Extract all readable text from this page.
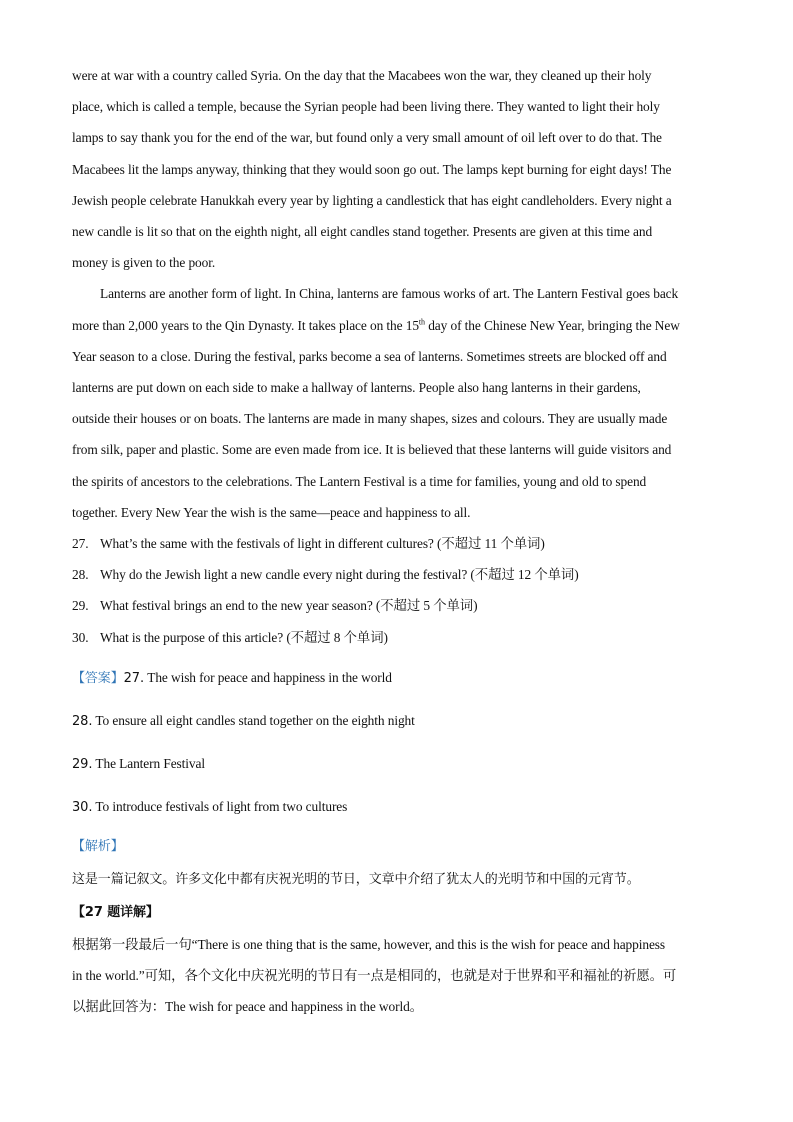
were at war with a country called Syria. On the day that the Macabees won the war, they cleaned up their holy
place, which is called a temple, because the Syrian people had been living there. They wanted to light their holy
lamps to say thank you for the end of the war, but found only a very small amount of oil left over to do that. The
Macabees lit the lamps anyway, thinking that they would soon go out. The lamps kept burning for eight days! The
Jewish people celebrate Hanukkah every year by lighting a candlestick that has eight candleholders. Every night a
new candle is lit so that on the eighth night, all eight candles stand together. Presents are given at this time and
money is given to the poor.

Lanterns are another form of light. In China, lanterns are famous works of art. The Lantern Festival goes back
more than 2,000 years to the Qin Dynasty. It takes place on the 15th day of the Chinese New Year, bringing the New
Year season to a close. During the festival, parks become a sea of lanterns. Sometimes streets are blocked off and
lanterns are put down on each side to make a hallway of lanterns. People also hang lanterns in their gardens,
outside their houses or on boats. The lanterns are made in many shapes, sizes and colours. They are usually made
from silk, paper and plastic. Some are even made from ice. It is believed that these lanterns will guide visitors and
the spirits of ancestors to the celebrations. The Lantern Festival is a time for families, young and old to spend
together. Every New Year the wish is the same—peace and happiness to all.

27. What’s the same with the festivals of light in different cultures? (不超过 11 个单词)

28. Why do the Jewish light a new candle every night during the festival? (不超过 12 个单词)

29. What festival brings an end to the new year season? (不超过 5 个单词)

30. What is the purpose of this article? (不超过 8 个单词)

【答案】27. The wish for peace and happiness in the world

28. To ensure all eight candles stand together on the eighth night

29. The Lantern Festival

30. To introduce festivals of light from two cultures

【解析】

这是一篇记叙文。许多文化中都有庆祝光明的节日，文章中介绍了犹太人的光明节和中国的元宵节。

【27 题详解】

根据第一段最后一句“There is one thing that is the same, however, and this is the wish for peace and happiness
in the world.”可知，各个文化中庆祝光明的节日有一点是相同的，也就是对于世界和平和福祉的祈愿。可
以据此回答为：The wish for peace and happiness in the world。
